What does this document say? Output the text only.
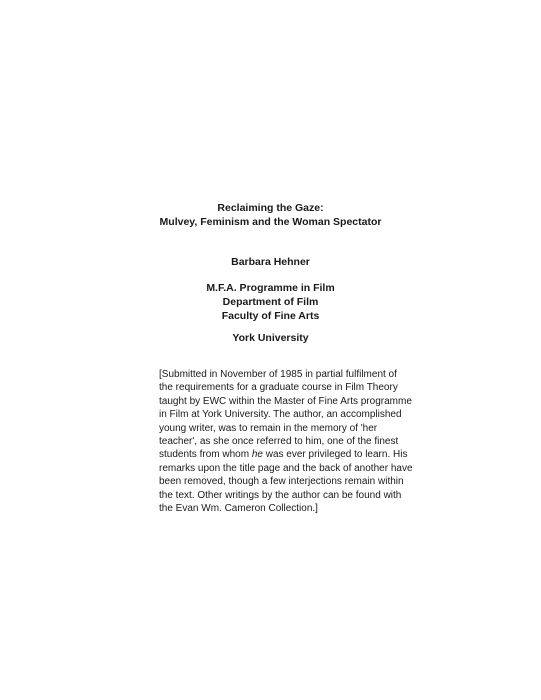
Reclaiming the Gaze:
Mulvey, Feminism and the Woman Spectator
Barbara Hehner
M.F.A. Programme in Film
Department of Film
Faculty of Fine Arts
York University
[Submitted in November of 1985 in partial fulfilment of
the requirements for a graduate course in Film Theory
taught by EWC within the Master of Fine Arts programme
in Film at York University. The author, an accomplished
young writer, was to remain in the memory of 'her
teacher', as she once referred to him, one of the finest
students from whom he was ever privileged to learn. His
remarks upon the title page and the back of another have
been removed, though a few interjections remain within
the text. Other writings by the author can be found with
the Evan Wm. Cameron Collection.]
